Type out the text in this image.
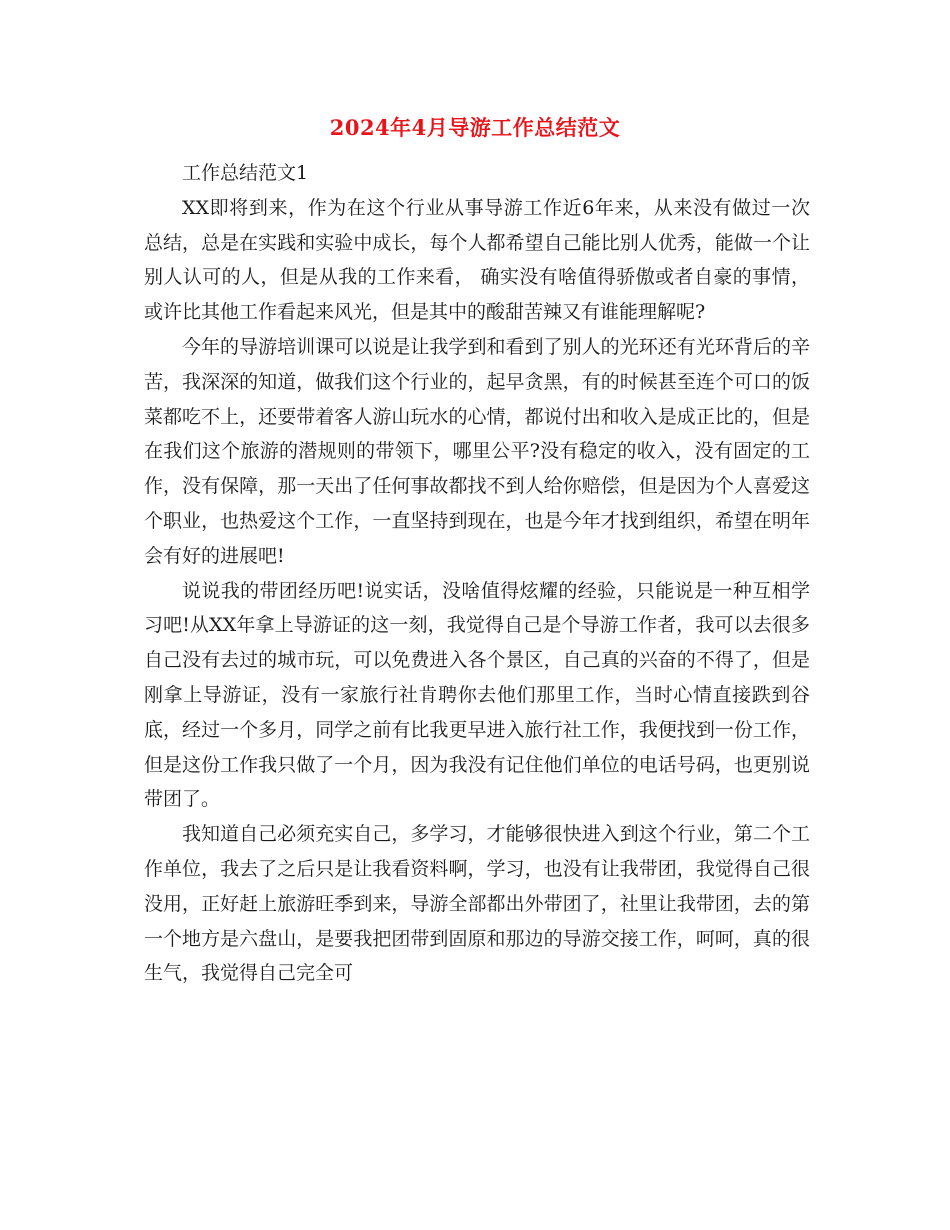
2024年4月导游工作总结范文

工作总结范文1

XX即将到来，作为在这个行业从事导游工作近6年来，从来没有做过一次总结，总是在实践和实验中成长，每个人都希望自己能比别人优秀，能做一个让别人认可的人，但是从我的工作来看， 确实没有啥值得骄傲或者自豪的事情，或许比其他工作看起来风光，但是其中的酸甜苦辣又有谁能理解呢?

今年的导游培训课可以说是让我学到和看到了别人的光环还有光环背后的辛苦，我深深的知道，做我们这个行业的，起早贪黑，有的时候甚至连个可口的饭菜都吃不上，还要带着客人游山玩水的心情，都说付出和收入是成正比的，但是在我们这个旅游的潜规则的带领下，哪里公平?没有稳定的收入，没有固定的工作，没有保障，那一天出了任何事故都找不到人给你赔偿，但是因为个人喜爱这个职业，也热爱这个工作，一直坚持到现在，也是今年才找到组织，希望在明年会有好的进展吧!

说说我的带团经历吧!说实话，没啥值得炫耀的经验，只能说是一种互相学习吧!从XX年拿上导游证的这一刻，我觉得自己是个导游工作者，我可以去很多自己没有去过的城市玩，可以免费进入各个景区，自己真的兴奋的不得了，但是刚拿上导游证，没有一家旅行社肯聘你去他们那里工作，当时心情直接跌到谷底，经过一个多月，同学之前有比我更早进入旅行社工作，我便找到一份工作，但是这份工作我只做了一个月，因为我没有记住他们单位的电话号码，也更别说带团了。

我知道自己必须充实自己，多学习，才能够很快进入到这个行业，第二个工作单位，我去了之后只是让我看资料啊，学习，也没有让我带团，我觉得自己很没用，正好赶上旅游旺季到来，导游全部都出外带团了，社里让我带团，去的第一个地方是六盘山，是要我把团带到固原和那边的导游交接工作，呵呵，真的很生气，我觉得自己完全可
